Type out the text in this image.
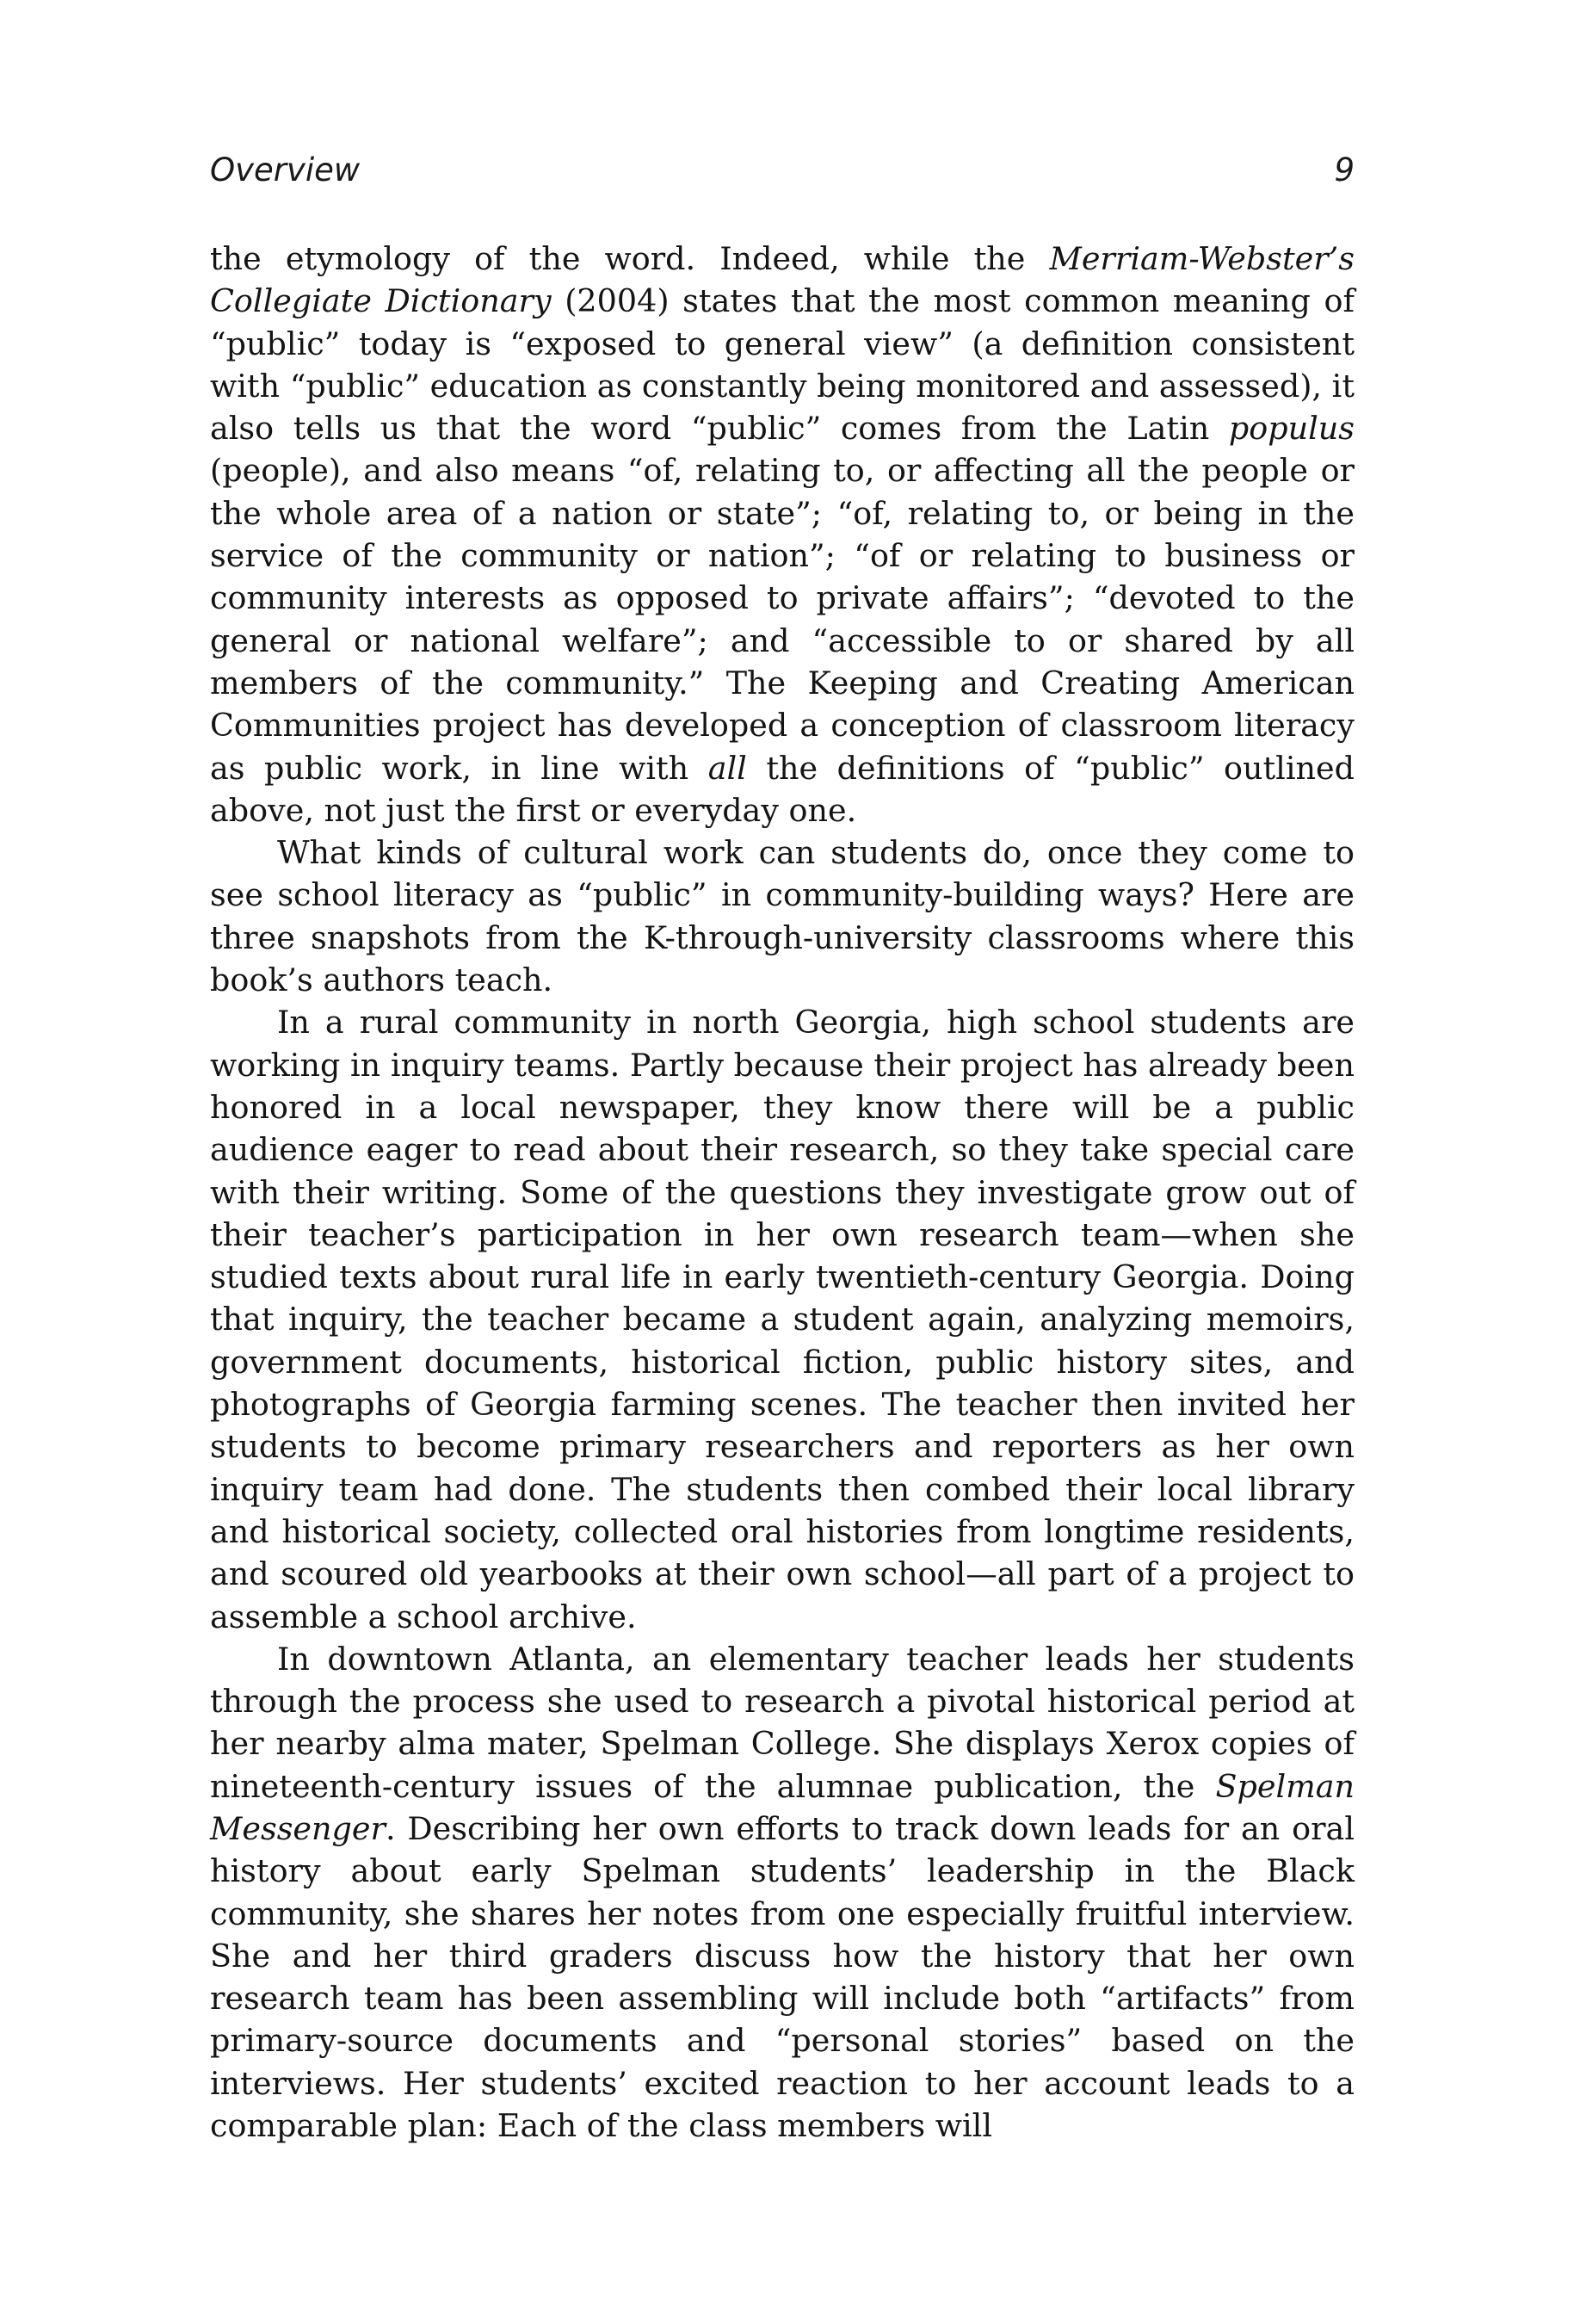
Overview	9

the etymology of the word. Indeed, while the Merriam-Webster’s Collegiate Dictionary (2004) states that the most common meaning of “public” today is “exposed to general view” (a definition consistent with “public” education as constantly being monitored and assessed), it also tells us that the word “public” comes from the Latin populus (people), and also means “of, relating to, or affecting all the people or the whole area of a nation or state”; “of, relating to, or being in the service of the community or nation”; “of or relating to business or community interests as opposed to private affairs”; “devoted to the general or national welfare”; and “accessible to or shared by all members of the community.” The Keeping and Creating American Communities project has developed a conception of classroom literacy as public work, in line with all the definitions of “public” outlined above, not just the first or everyday one.

What kinds of cultural work can students do, once they come to see school literacy as “public” in community-building ways? Here are three snapshots from the K-through-university classrooms where this book’s authors teach.

In a rural community in north Georgia, high school students are working in inquiry teams. Partly because their project has already been honored in a local newspaper, they know there will be a public audience eager to read about their research, so they take special care with their writing. Some of the questions they investigate grow out of their teacher’s participation in her own research team—when she studied texts about rural life in early twentieth-century Georgia. Doing that inquiry, the teacher became a student again, analyzing memoirs, government documents, historical fiction, public history sites, and photographs of Georgia farming scenes. The teacher then invited her students to become primary researchers and reporters as her own inquiry team had done. The students then combed their local library and historical society, collected oral histories from longtime residents, and scoured old yearbooks at their own school—all part of a project to assemble a school archive.

In downtown Atlanta, an elementary teacher leads her students through the process she used to research a pivotal historical period at her nearby alma mater, Spelman College. She displays Xerox copies of nineteenth-century issues of the alumnae publication, the Spelman Messenger. Describing her own efforts to track down leads for an oral history about early Spelman students’ leadership in the Black community, she shares her notes from one especially fruitful interview. She and her third graders discuss how the history that her own research team has been assembling will include both “artifacts” from primary-source documents and “personal stories” based on the interviews. Her students’ excited reaction to her account leads to a comparable plan: Each of the class members will
